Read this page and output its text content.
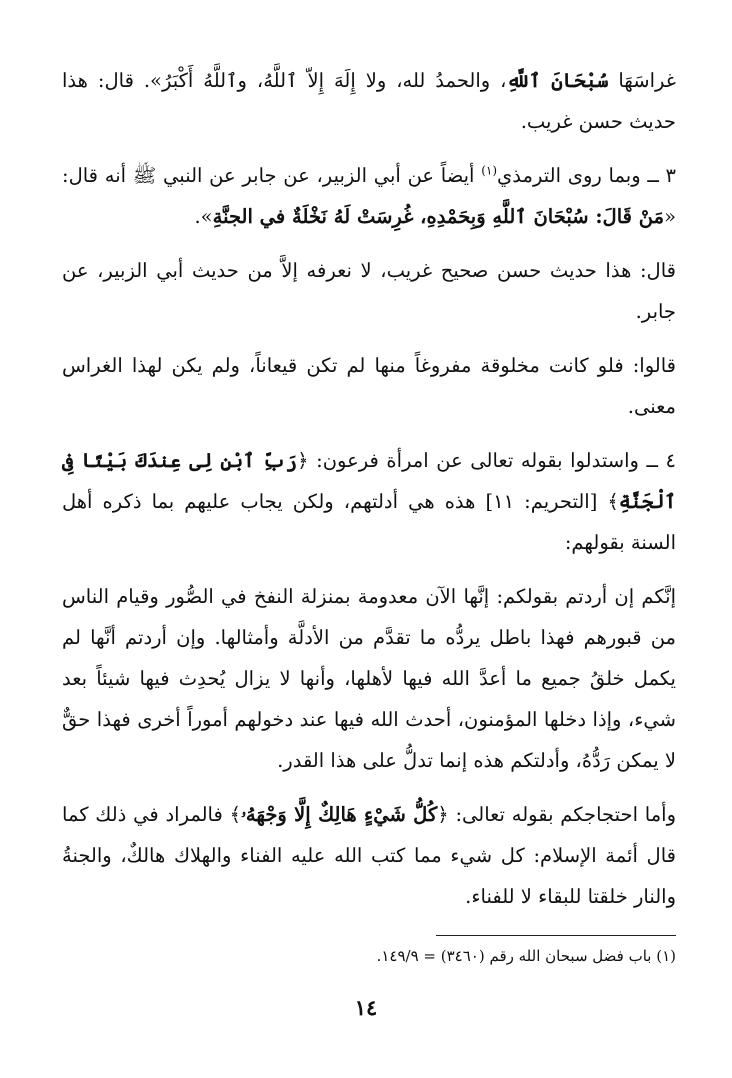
غراسَهَا سُبْحَانَ ٱللَّهِ، والحمدُ لله، ولا إِلَهَ إِلاّ ٱللَّهُ، وٱللَّهُ أَكْبَرُ». قال: هذا حديث حسن غريب.

٣ ــ وبما روى الترمذي$^{(١)}$ أيضاً عن أبي الزبير، عن جابر عن النبي ﷺ أنه قال: «مَنْ قَالَ: سُبْحَانَ ٱللَّهِ وَبِحَمْدِهِ، غُرِسَتْ لَهُ نَخْلَةٌ في الجنَّةِ».

قال: هذا حديث حسن صحيح غريب، لا نعرفه إلاَّ من حديث أبي الزبير، عن جابر.

قالوا: فلو كانت مخلوقة مفروغاً منها لم تكن قيعاناً، ولم يكن لهذا الغراس معنى.

٤ ــ واستدلوا بقوله تعالى عن امرأة فرعون: ﴿رَبِّ ٱبْنِ لِى عِندَكَ بَيْتًا فِى ٱلْجَنَّةِ﴾ [التحريم: ١١] هذه هي أدلتهم، ولكن يجاب عليهم بما ذكره أهل السنة بقولهم:

إنَّكم إن أردتم بقولكم: إنَّها الآن معدومة بمنزلة النفخ في الصُّور وقيام الناس من قبورهم فهذا باطل يردُّه ما تقدَّم من الأدلَّة وأمثالها. وإن أردتم أنَّها لم يكمل خلقُ جميع ما أعدَّ الله فيها لأهلها، وأنها لا يزال يُحدِث فيها شيئاً بعد شيء، وإذا دخلها المؤمنون، أحدث الله فيها عند دخولهم أموراً أخرى فهذا حقٌّ لا يمكن رَدُّهُ، وأدلتكم هذه إنما تدلُّ على هذا القدر.

وأما احتجاجكم بقوله تعالى: ﴿كُلُّ شَيْءٍ هَالِكٌ إِلَّا وَجْهَهُۥ﴾ فالمراد في ذلك كما قال أئمة الإسلام: كل شيء مما كتب الله عليه الفناء والهلاك هالكٌ، والجنةُ والنار خلقتا للبقاء لا للفناء.

(١) باب فضل سبحان الله رقم (٣٤٦٠) = ١٤٩/٩.
١٤
